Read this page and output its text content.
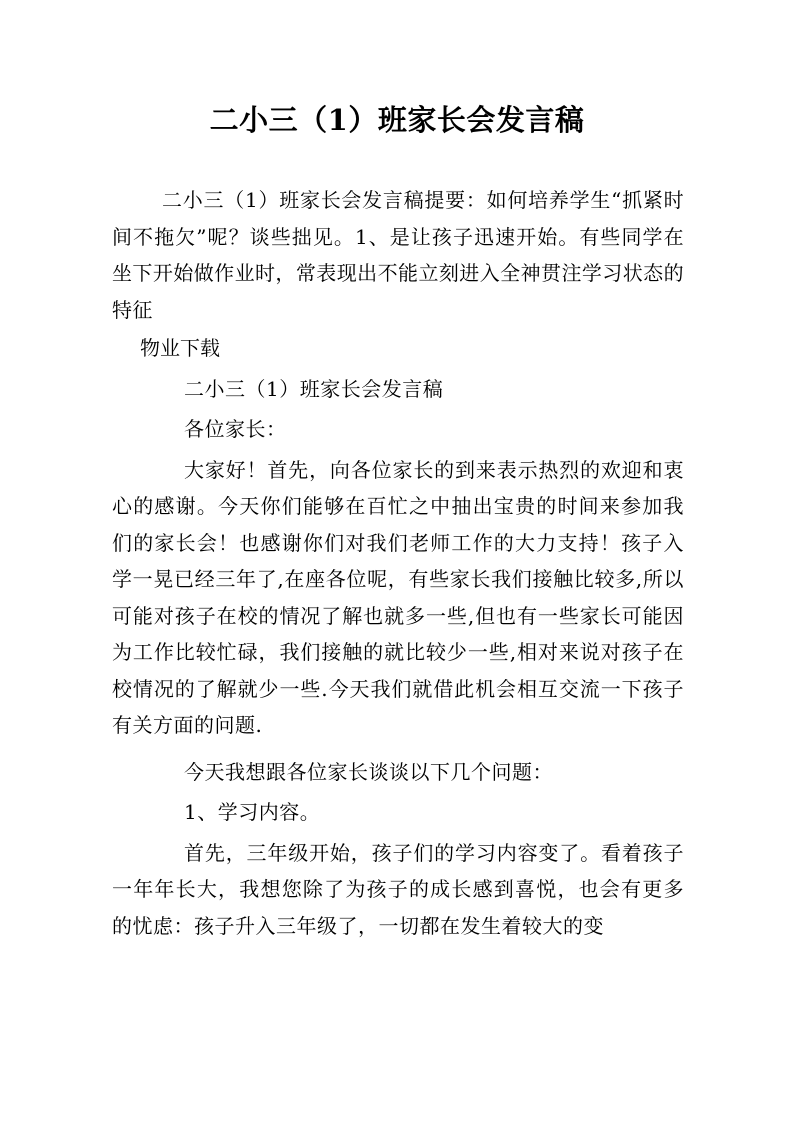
二小三（1）班家长会发言稿

二小三（1）班家长会发言稿提要：如何培养学生“抓紧时间不拖欠”呢？谈些拙见。1、是让孩子迅速开始。有些同学在坐下开始做作业时，常表现出不能立刻进入全神贯注学习状态的特征

物业下载

二小三（1）班家长会发言稿

各位家长：

大家好！首先，向各位家长的到来表示热烈的欢迎和衷心的感谢。今天你们能够在百忙之中抽出宝贵的时间来参加我们的家长会！也感谢你们对我们老师工作的大力支持！孩子入学一晃已经三年了,在座各位呢，有些家长我们接触比较多,所以可能对孩子在校的情况了解也就多一些,但也有一些家长可能因为工作比较忙碌，我们接触的就比较少一些,相对来说对孩子在校情况的了解就少一些.今天我们就借此机会相互交流一下孩子有关方面的问题.

今天我想跟各位家长谈谈以下几个问题：

1、学习内容。

首先，三年级开始，孩子们的学习内容变了。看着孩子一年年长大，我想您除了为孩子的成长感到喜悦，也会有更多的忧虑：孩子升入三年级了，一切都在发生着较大的变
